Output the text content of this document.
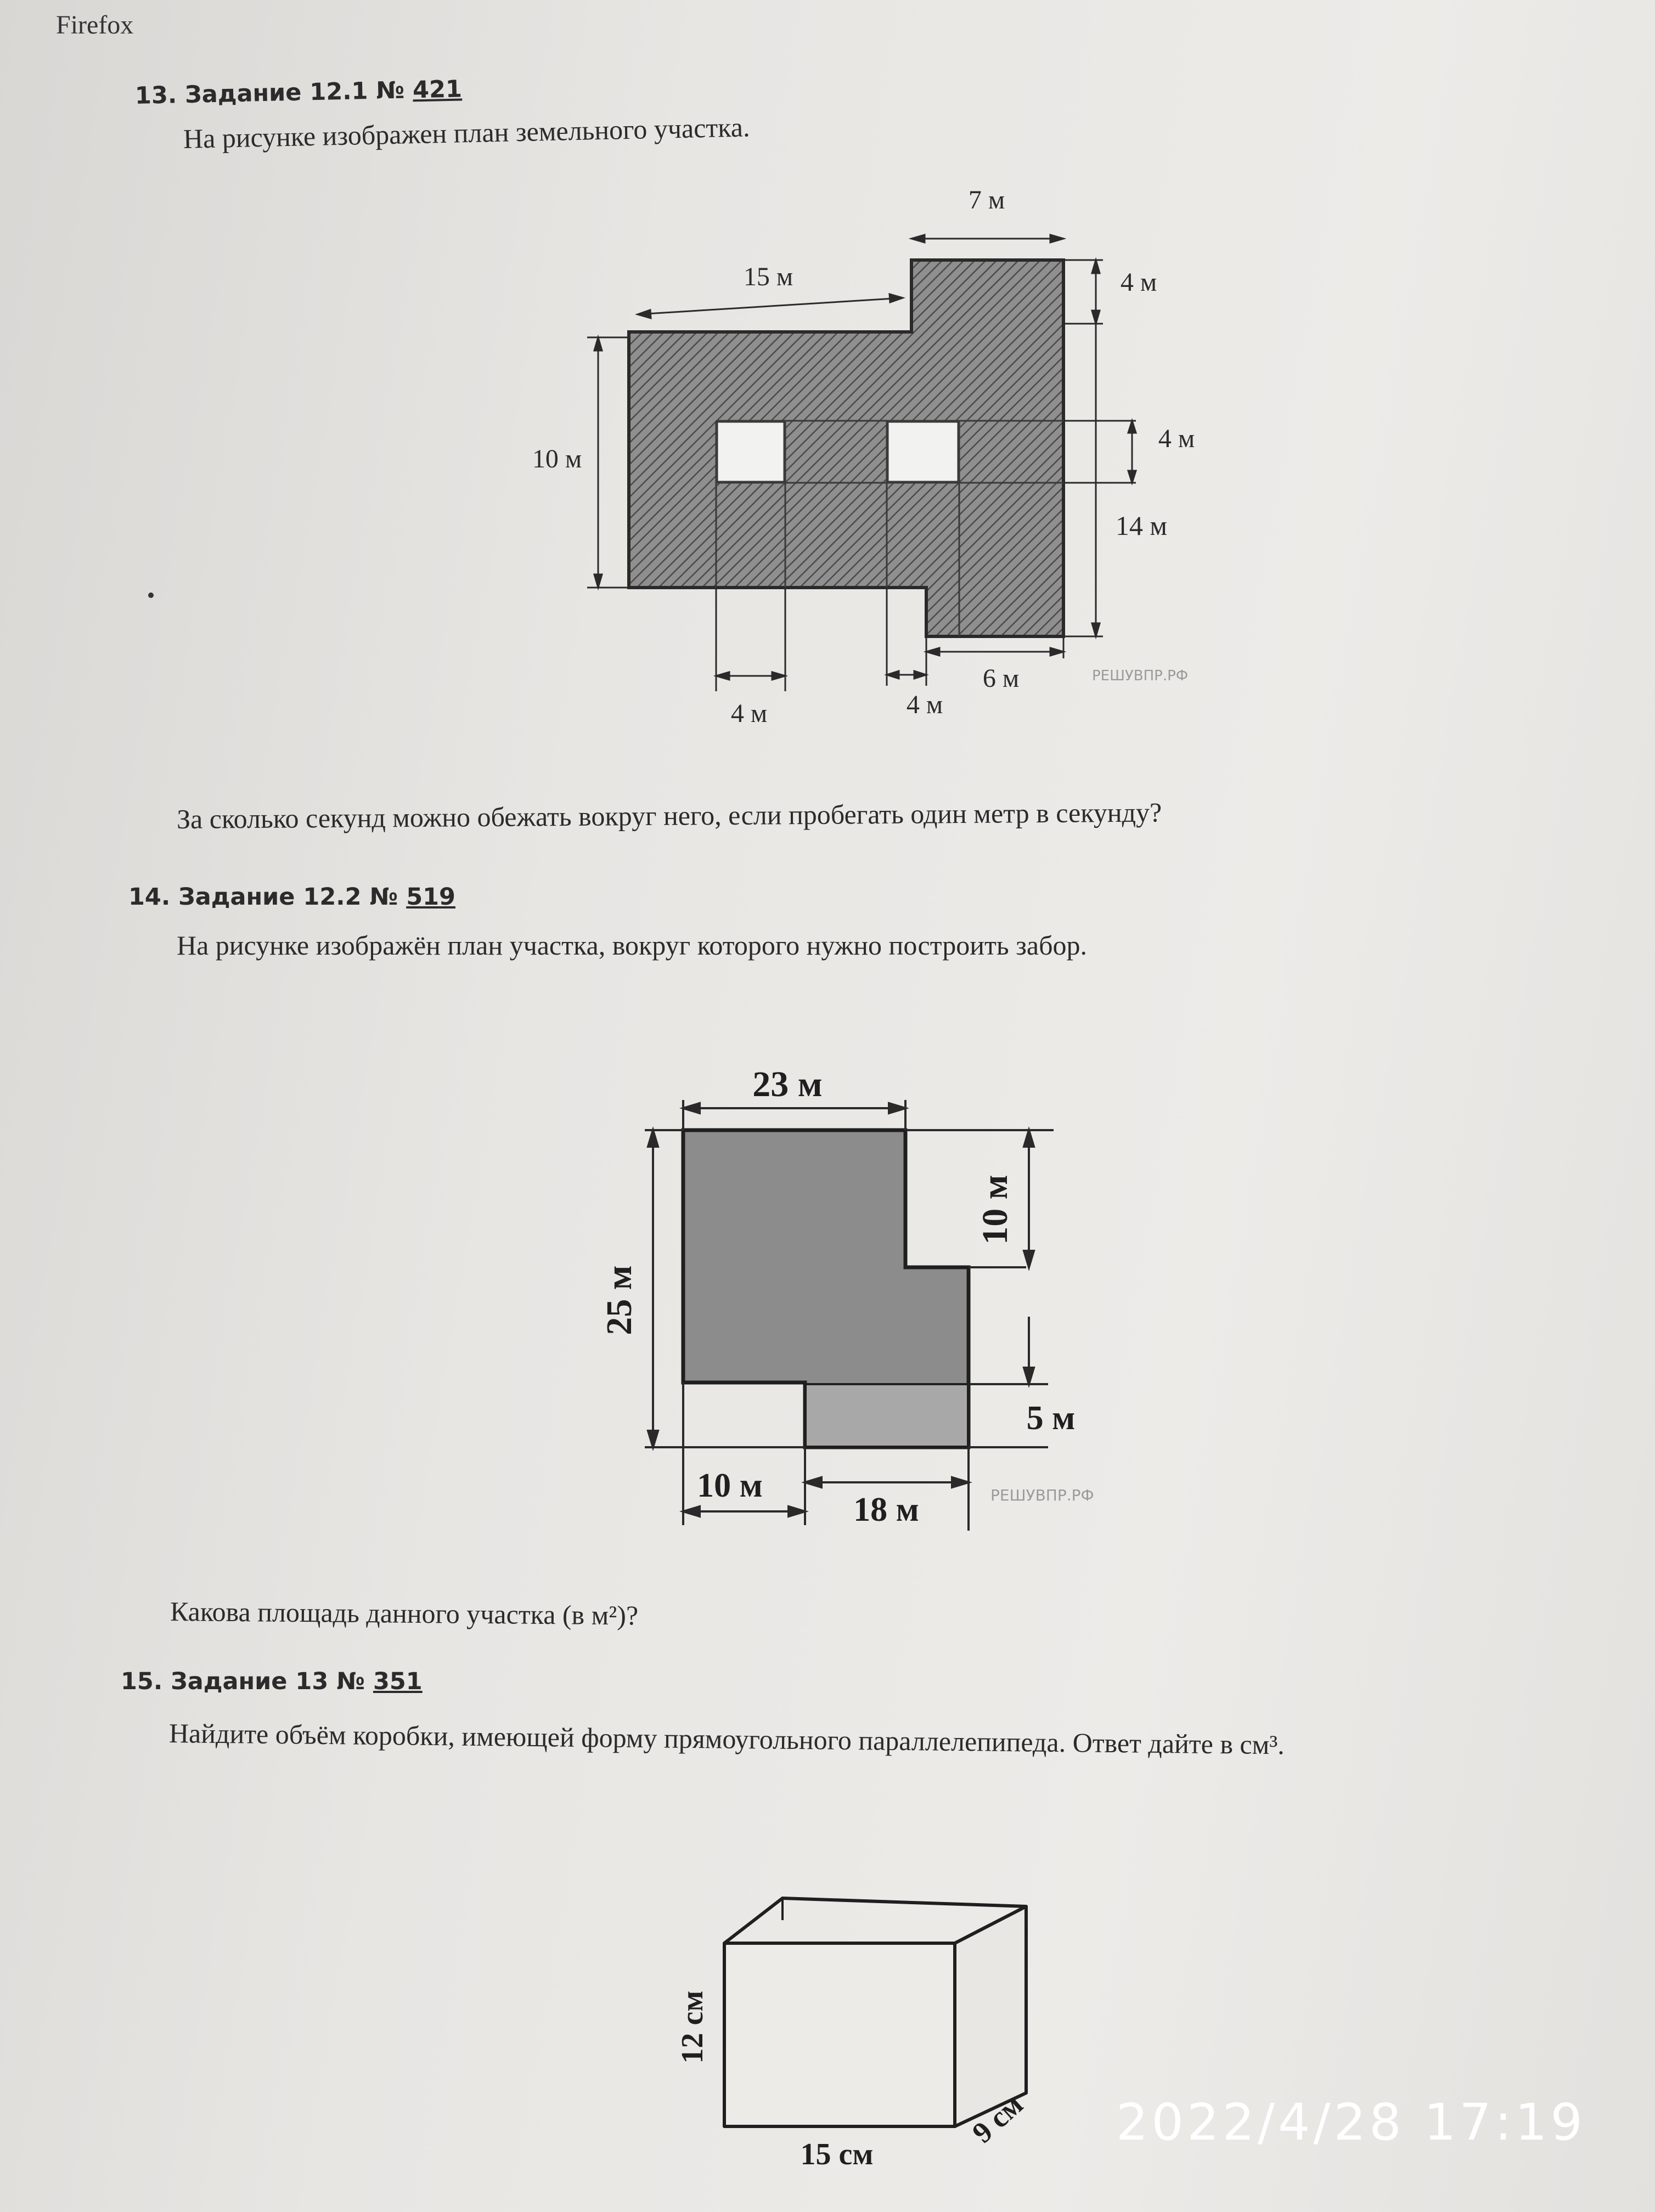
Firefox
13. Задание 12.1 № 421
На рисунке изображен план земельного участка.
7 м
15 м	4 м
10 м
4 м
14 м
6 м
4 м	4 м
РЕШУВПР.РФ
За сколько секунд можно обежать вокруг него, если пробегать один метр в секунду?
14. Задание 12.2 № 519
На рисунке изображён план участка, вокруг которого нужно построить забор.
23 м
10 м
25 м
5 м
10 м
18 м	РЕШУВПР.РФ
Какова площадь данного участка (в м²)?
15. Задание 13 № 351
Найдите объём коробки, имеющей форму прямоугольного параллелепипеда. Ответ дайте в см³.
12 см
15 см
9 см 2022/4/28 17:19
